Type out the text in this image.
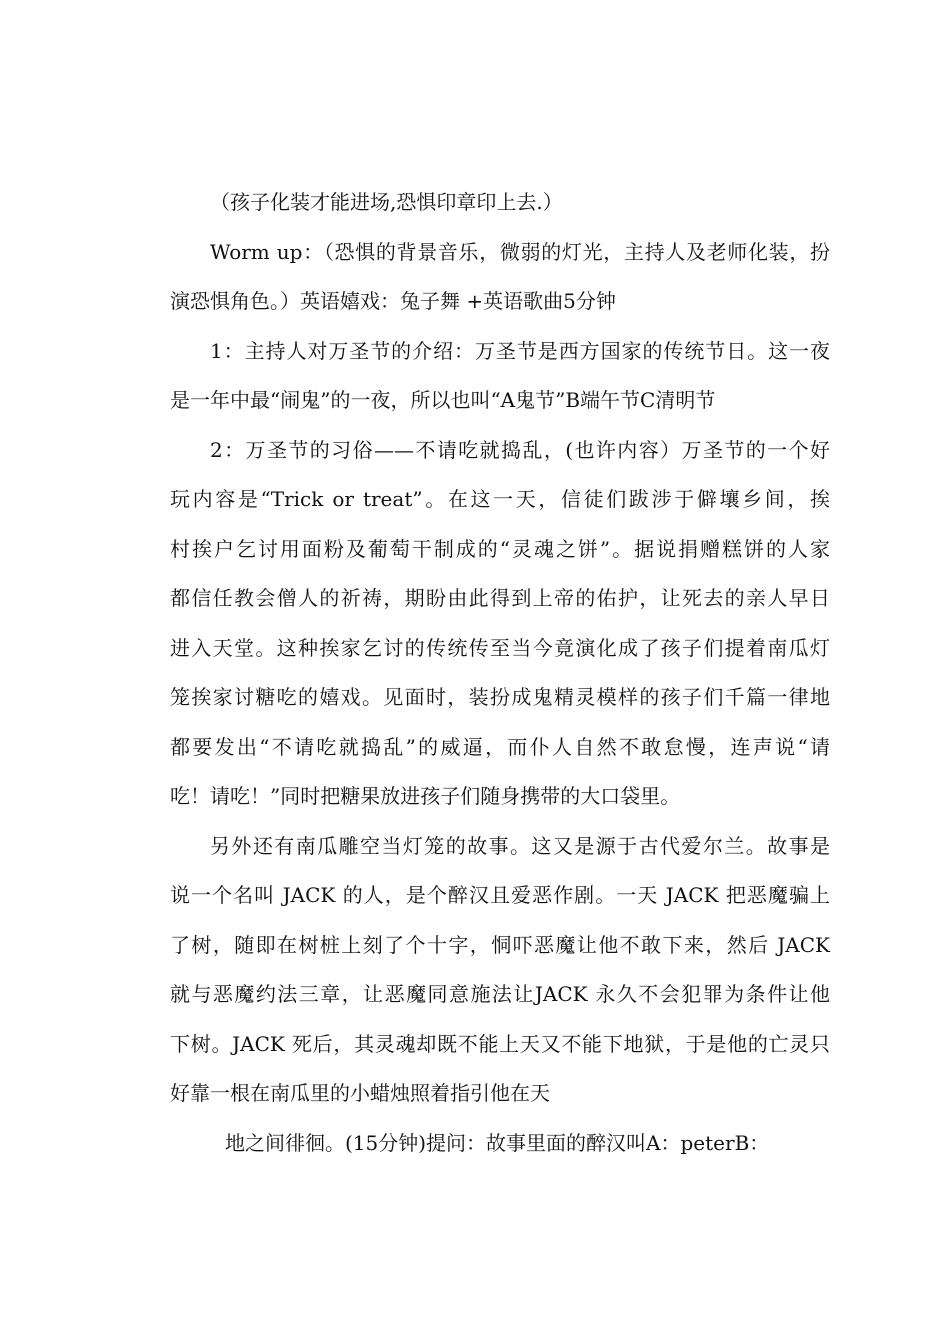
（孩子化装才能进场,恐惧印章印上去.）
Worm up：（恐惧的背景音乐，微弱的灯光，主持人及老师化装，扮
演恐惧角色。）英语嬉戏：兔子舞 +英语歌曲5分钟
1：主持人对万圣节的介绍：万圣节是西方国家的传统节日。这一夜
是一年中最“闹鬼”的一夜，所以也叫“A鬼节”B端午节C清明节
2：万圣节的习俗——不请吃就捣乱，(也许内容）万圣节的一个好
玩内容是“Trick or treat”。在这一天，信徒们跋涉于僻壤乡间，挨
村挨户乞讨用面粉及葡萄干制成的“灵魂之饼”。据说捐赠糕饼的人家
都信任教会僧人的祈祷，期盼由此得到上帝的佑护，让死去的亲人早日
进入天堂。这种挨家乞讨的传统传至当今竟演化成了孩子们提着南瓜灯
笼挨家讨糖吃的嬉戏。见面时，装扮成鬼精灵模样的孩子们千篇一律地
都要发出“不请吃就捣乱”的威逼，而仆人自然不敢怠慢，连声说“请
吃！请吃！”同时把糖果放进孩子们随身携带的大口袋里。
另外还有南瓜雕空当灯笼的故事。这又是源于古代爱尔兰。故事是
说一个名叫 JACK 的人，是个醉汉且爱恶作剧。一天 JACK 把恶魔骗上
了树，随即在树桩上刻了个十字，恫吓恶魔让他不敢下来，然后 JACK
就与恶魔约法三章，让恶魔同意施法让JACK 永久不会犯罪为条件让他
下树。JACK 死后，其灵魂却既不能上天又不能下地狱，于是他的亡灵只
好靠一根在南瓜里的小蜡烛照着指引他在天
地之间徘徊。(15分钟)提问：故事里面的醉汉叫A：peterB：
